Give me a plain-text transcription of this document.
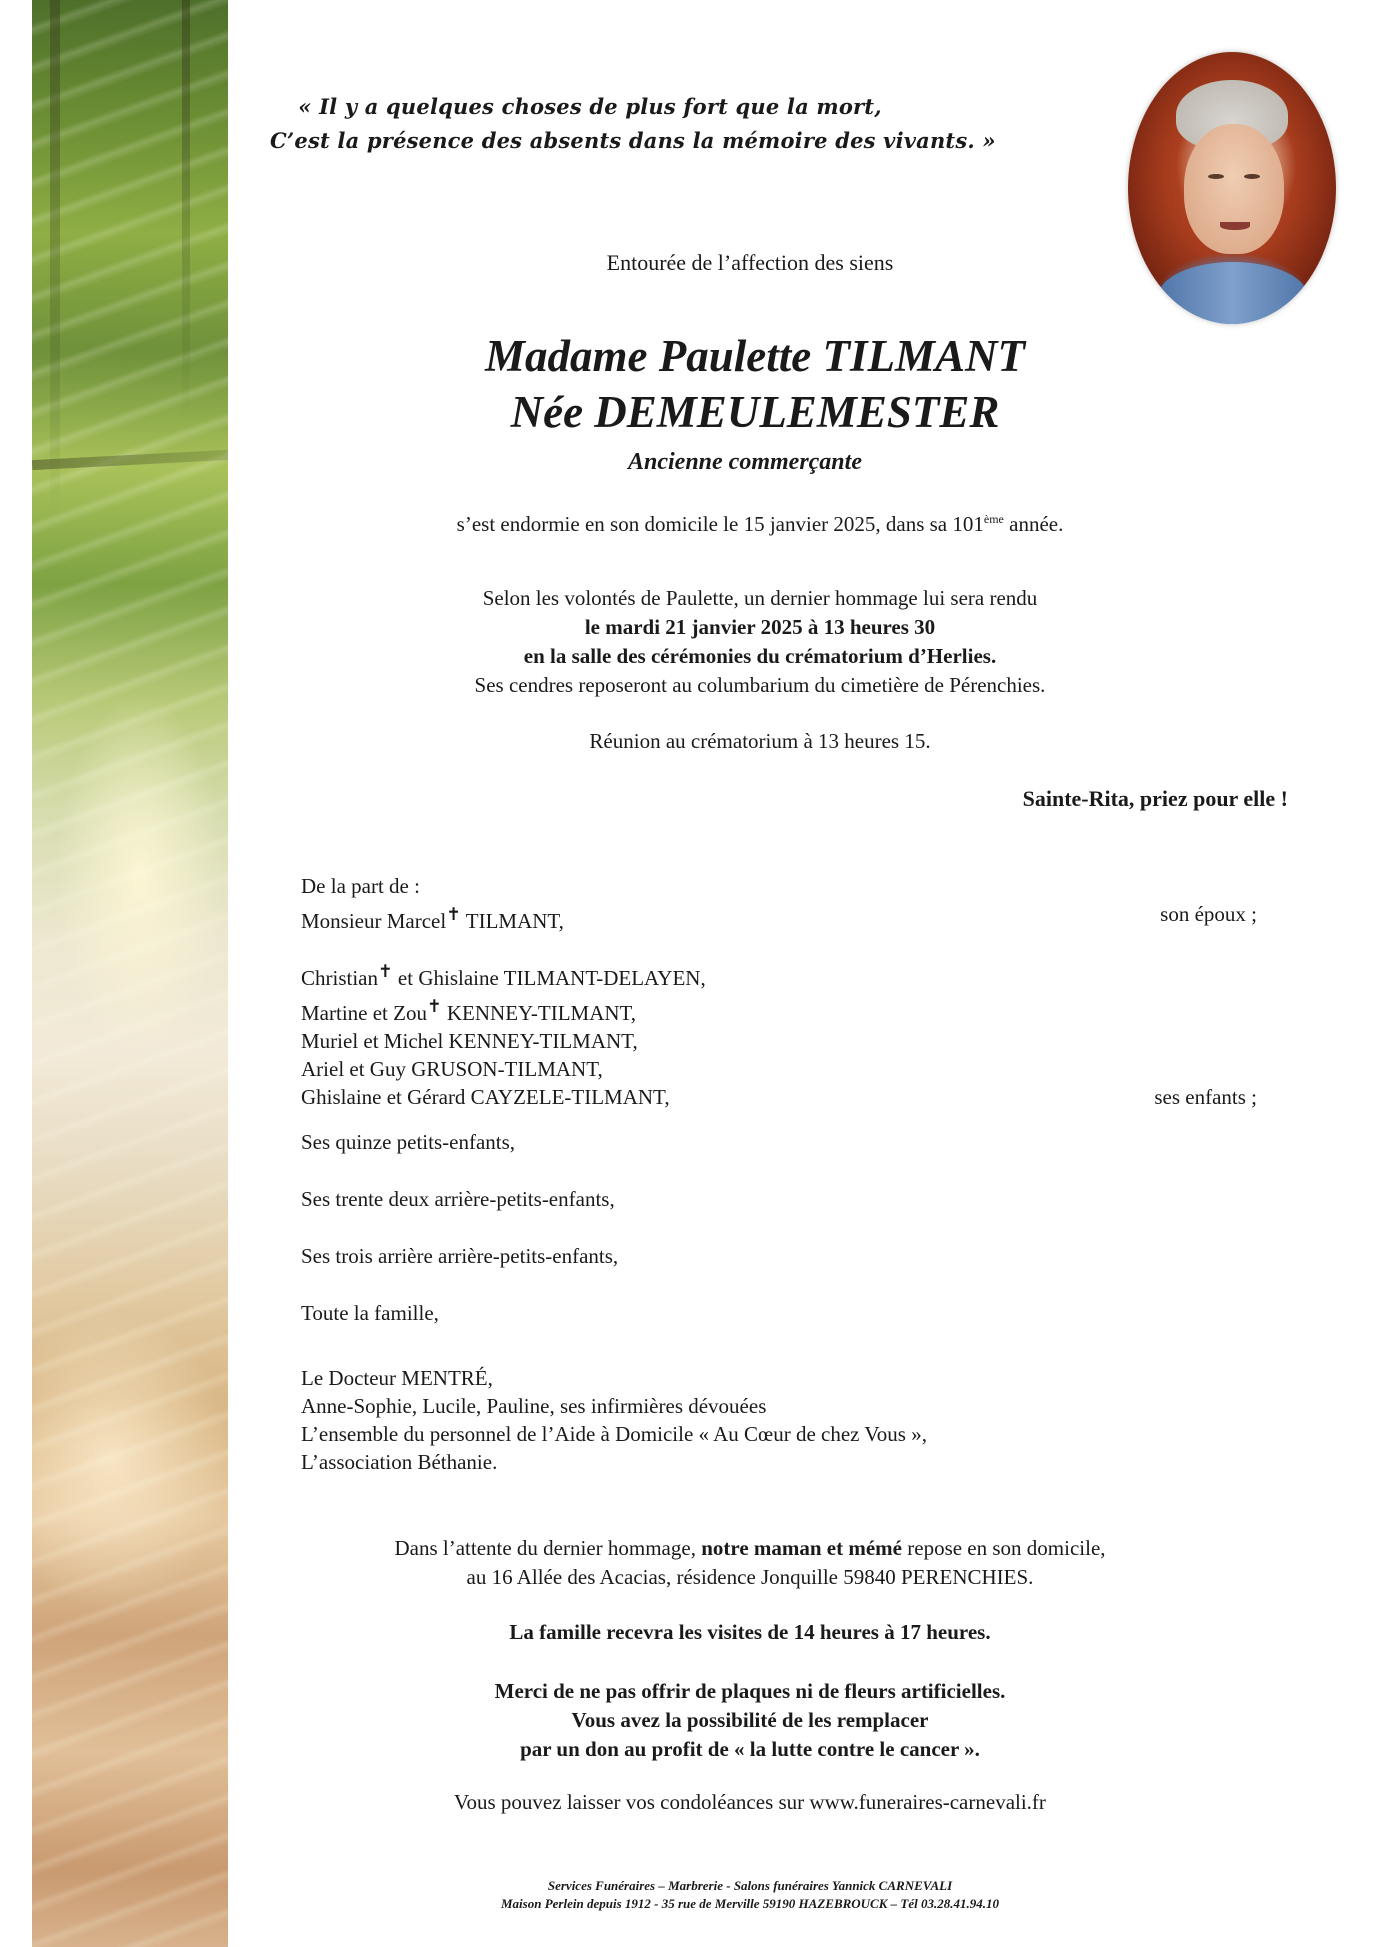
« Il y a quelques choses de plus fort que la mort,
C’est la présence des absents dans la mémoire des vivants. »
Entourée de l’affection des siens
Madame Paulette TILMANT
Née DEMEULEMESTER
Ancienne commerçante
s’est endormie en son domicile le 15 janvier 2025, dans sa 101ème année.
Selon les volontés de Paulette, un dernier hommage lui sera rendu
le mardi 21 janvier 2025 à 13 heures 30
en la salle des cérémonies du crématorium d’Herlies.
Ses cendres reposeront au columbarium du cimetière de Pérenchies.
Réunion au crématorium à 13 heures 15.
Sainte-Rita, priez pour elle !
De la part de :
Monsieur Marcel✝ TILMANT,	son époux ;
Christian✝ et Ghislaine TILMANT-DELAYEN,
Martine et Zou✝ KENNEY-TILMANT,
Muriel et Michel KENNEY-TILMANT,
Ariel et Guy GRUSON-TILMANT,
Ghislaine et Gérard CAYZELE-TILMANT,	ses enfants ;
Ses quinze petits-enfants,
Ses trente deux arrière-petits-enfants,
Ses trois arrière arrière-petits-enfants,
Toute la famille,
Le Docteur MENTRÉ,
Anne-Sophie, Lucile, Pauline, ses infirmières dévouées
L’ensemble du personnel de l’Aide à Domicile « Au Cœur de chez Vous »,
L’association Béthanie.
Dans l’attente du dernier hommage, notre maman et mémé repose en son domicile,
au 16 Allée des Acacias, résidence Jonquille 59840 PERENCHIES.
La famille recevra les visites de 14 heures à 17 heures.
Merci de ne pas offrir de plaques ni de fleurs artificielles.
Vous avez la possibilité de les remplacer
par un don au profit de « la lutte contre le cancer ».
Vous pouvez laisser vos condoléances sur www.funeraires-carnevali.fr
Services Funéraires – Marbrerie - Salons funéraires Yannick CARNEVALI
Maison Perlein depuis 1912 - 35 rue de Merville 59190 HAZEBROUCK – Tél 03.28.41.94.10
